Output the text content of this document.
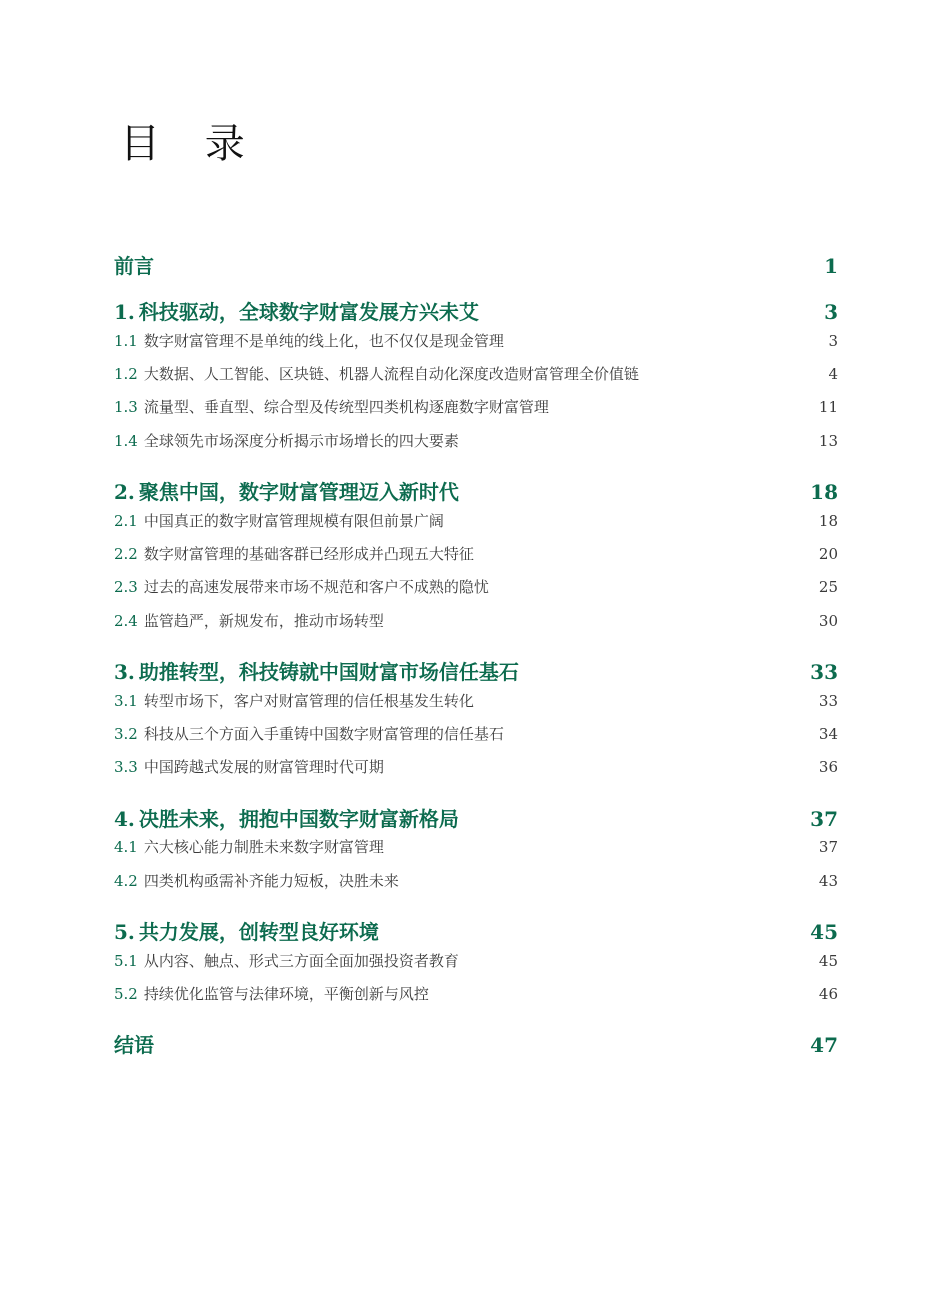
目 录
前言	1
1. 科技驱动，全球数字财富发展方兴未艾	3
1.1 数字财富管理不是单纯的线上化，也不仅仅是现金管理	3
1.2 大数据、人工智能、区块链、机器人流程自动化深度改造财富管理全价值链	4
1.3 流量型、垂直型、综合型及传统型四类机构逐鹿数字财富管理	11
1.4 全球领先市场深度分析揭示市场增长的四大要素	13
2. 聚焦中国，数字财富管理迈入新时代	18
2.1 中国真正的数字财富管理规模有限但前景广阔	18
2.2 数字财富管理的基础客群已经形成并凸现五大特征	20
2.3 过去的高速发展带来市场不规范和客户不成熟的隐忧	25
2.4 监管趋严，新规发布，推动市场转型	30
3. 助推转型，科技铸就中国财富市场信任基石	33
3.1 转型市场下，客户对财富管理的信任根基发生转化	33
3.2 科技从三个方面入手重铸中国数字财富管理的信任基石	34
3.3 中国跨越式发展的财富管理时代可期	36
4. 决胜未来，拥抱中国数字财富新格局	37
4.1 六大核心能力制胜未来数字财富管理	37
4.2 四类机构亟需补齐能力短板，决胜未来	43
5. 共力发展，创转型良好环境	45
5.1 从内容、触点、形式三方面全面加强投资者教育	45
5.2 持续优化监管与法律环境，平衡创新与风控	46
结语	47
